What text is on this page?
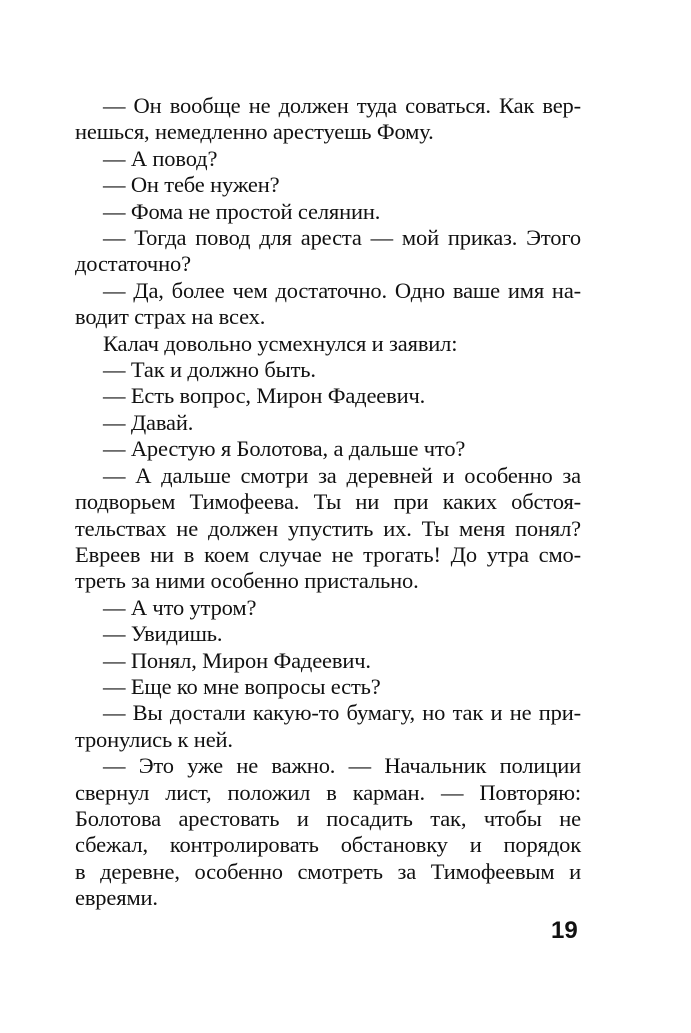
— Он вообще не должен туда соваться. Как вер-
нешься, немедленно арестуешь Фому.
— А повод?
— Он тебе нужен?
— Фома не простой селянин.
— Тогда повод для ареста — мой приказ. Этого
достаточно?
— Да, более чем достаточно. Одно ваше имя на-
водит страх на всех.
Калач довольно усмехнулся и заявил:
— Так и должно быть.
— Есть вопрос, Мирон Фадеевич.
— Давай.
— Арестую я Болотова, а дальше что?
— А дальше смотри за деревней и особенно за
подворьем Тимофеева. Ты ни при каких обстоя-
тельствах не должен упустить их. Ты меня понял?
Евреев ни в коем случае не трогать! До утра смо-
треть за ними особенно пристально.
— А что утром?
— Увидишь.
— Понял, Мирон Фадеевич.
— Еще ко мне вопросы есть?
— Вы достали какую-то бумагу, но так и не при-
тронулись к ней.
— Это уже не важно. — Начальник полиции
свернул лист, положил в карман. — Повторяю:
Болотова арестовать и посадить так, чтобы не
сбежал, контролировать обстановку и порядок
в деревне, особенно смотреть за Тимофеевым и
евреями.
19
